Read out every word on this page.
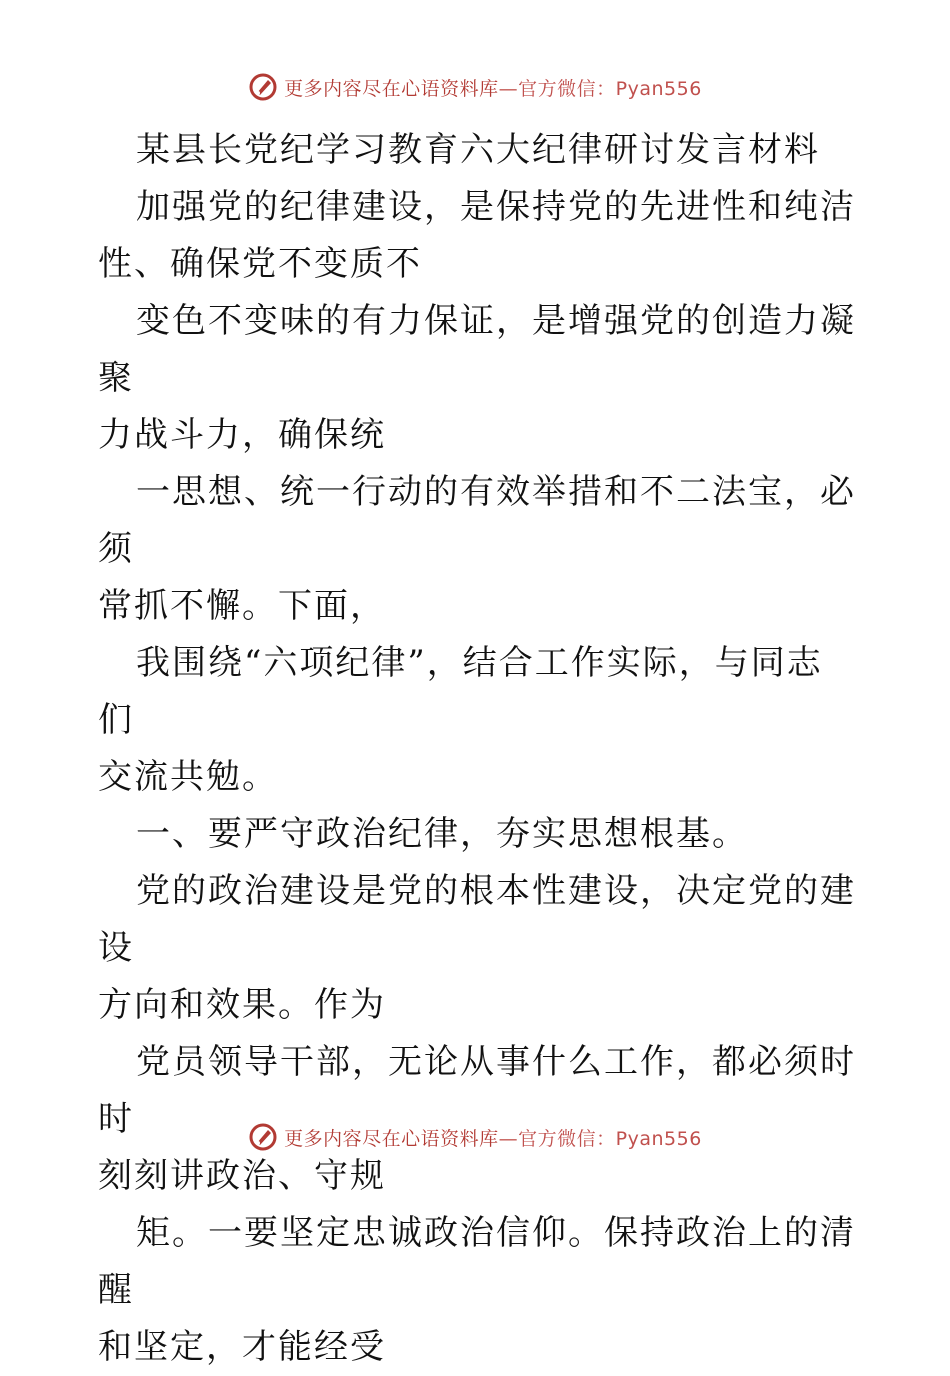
更多内容尽在心语资料库—官方微信：Pyan556

某县长党纪学习教育六大纪律研讨发言材料

加强党的纪律建设，是保持党的先进性和纯洁

性、确保党不变质不

变色不变味的有力保证，是增强党的创造力凝聚

力战斗力，确保统

一思想、统一行动的有效举措和不二法宝，必须

常抓不懈。下面，

我围绕“六项纪律”，结合工作实际，与同志们

交流共勉。

一、要严守政治纪律，夯实思想根基。

党的政治建设是党的根本性建设，决定党的建设

方向和效果。作为

党员领导干部，无论从事什么工作，都必须时时

刻刻讲政治、守规

矩。一要坚定忠诚政治信仰。保持政治上的清醒

和坚定，才能经受

更多内容尽在心语资料库—官方微信：Pyan556
